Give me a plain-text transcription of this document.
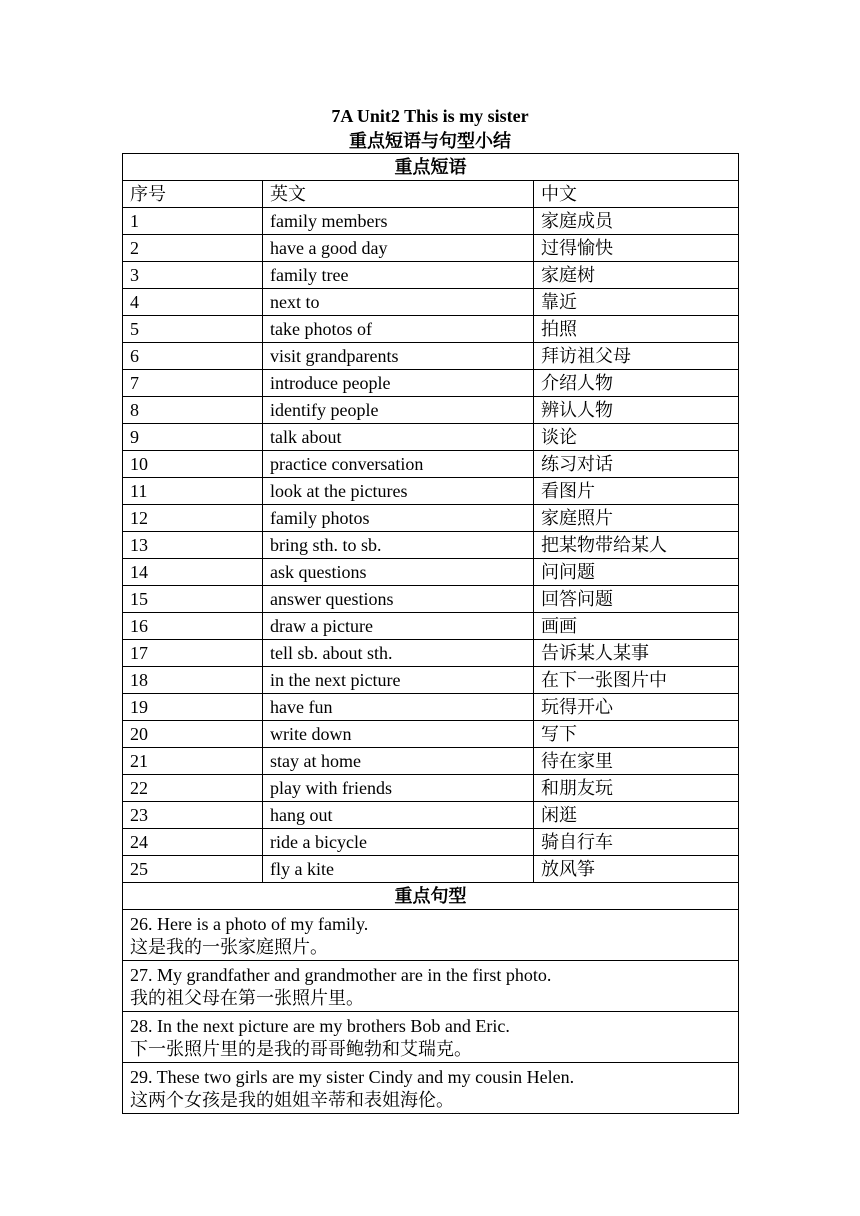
7A Unit2 This is my sister
重点短语与句型小结
重点短语		
序号	英文	中文
1	family members	家庭成员
2	have a good day	过得愉快
3	family tree	家庭树
4	next to	靠近
5	take photos of	拍照
6	visit grandparents	拜访祖父母
7	introduce people	介绍人物
8	identify people	辨认人物
9	talk about	谈论
10	practice conversation	练习对话
11	look at the pictures	看图片
12	family photos	家庭照片
13	bring sth. to sb.	把某物带给某人
14	ask questions	问问题
15	answer questions	回答问题
16	draw a picture	画画
17	tell sb. about sth.	告诉某人某事
18	in the next picture	在下一张图片中
19	have fun	玩得开心
20	write down	写下
21	stay at home	待在家里
22	play with friends	和朋友玩
23	hang out	闲逛
24	ride a bicycle	骑自行车
25	fly a kite	放风筝
重点句型		

26. Here is a photo of my family.
这是我的一张家庭照片。		

27. My grandfather and grandmother are in the first photo.
我的祖父母在第一张照片里。		

28. In the next picture are my brothers Bob and Eric.
下一张照片里的是我的哥哥鲍勃和艾瑞克。		

29. These two girls are my sister Cindy and my cousin Helen.
这两个女孩是我的姐姐辛蒂和表姐海伦。		
